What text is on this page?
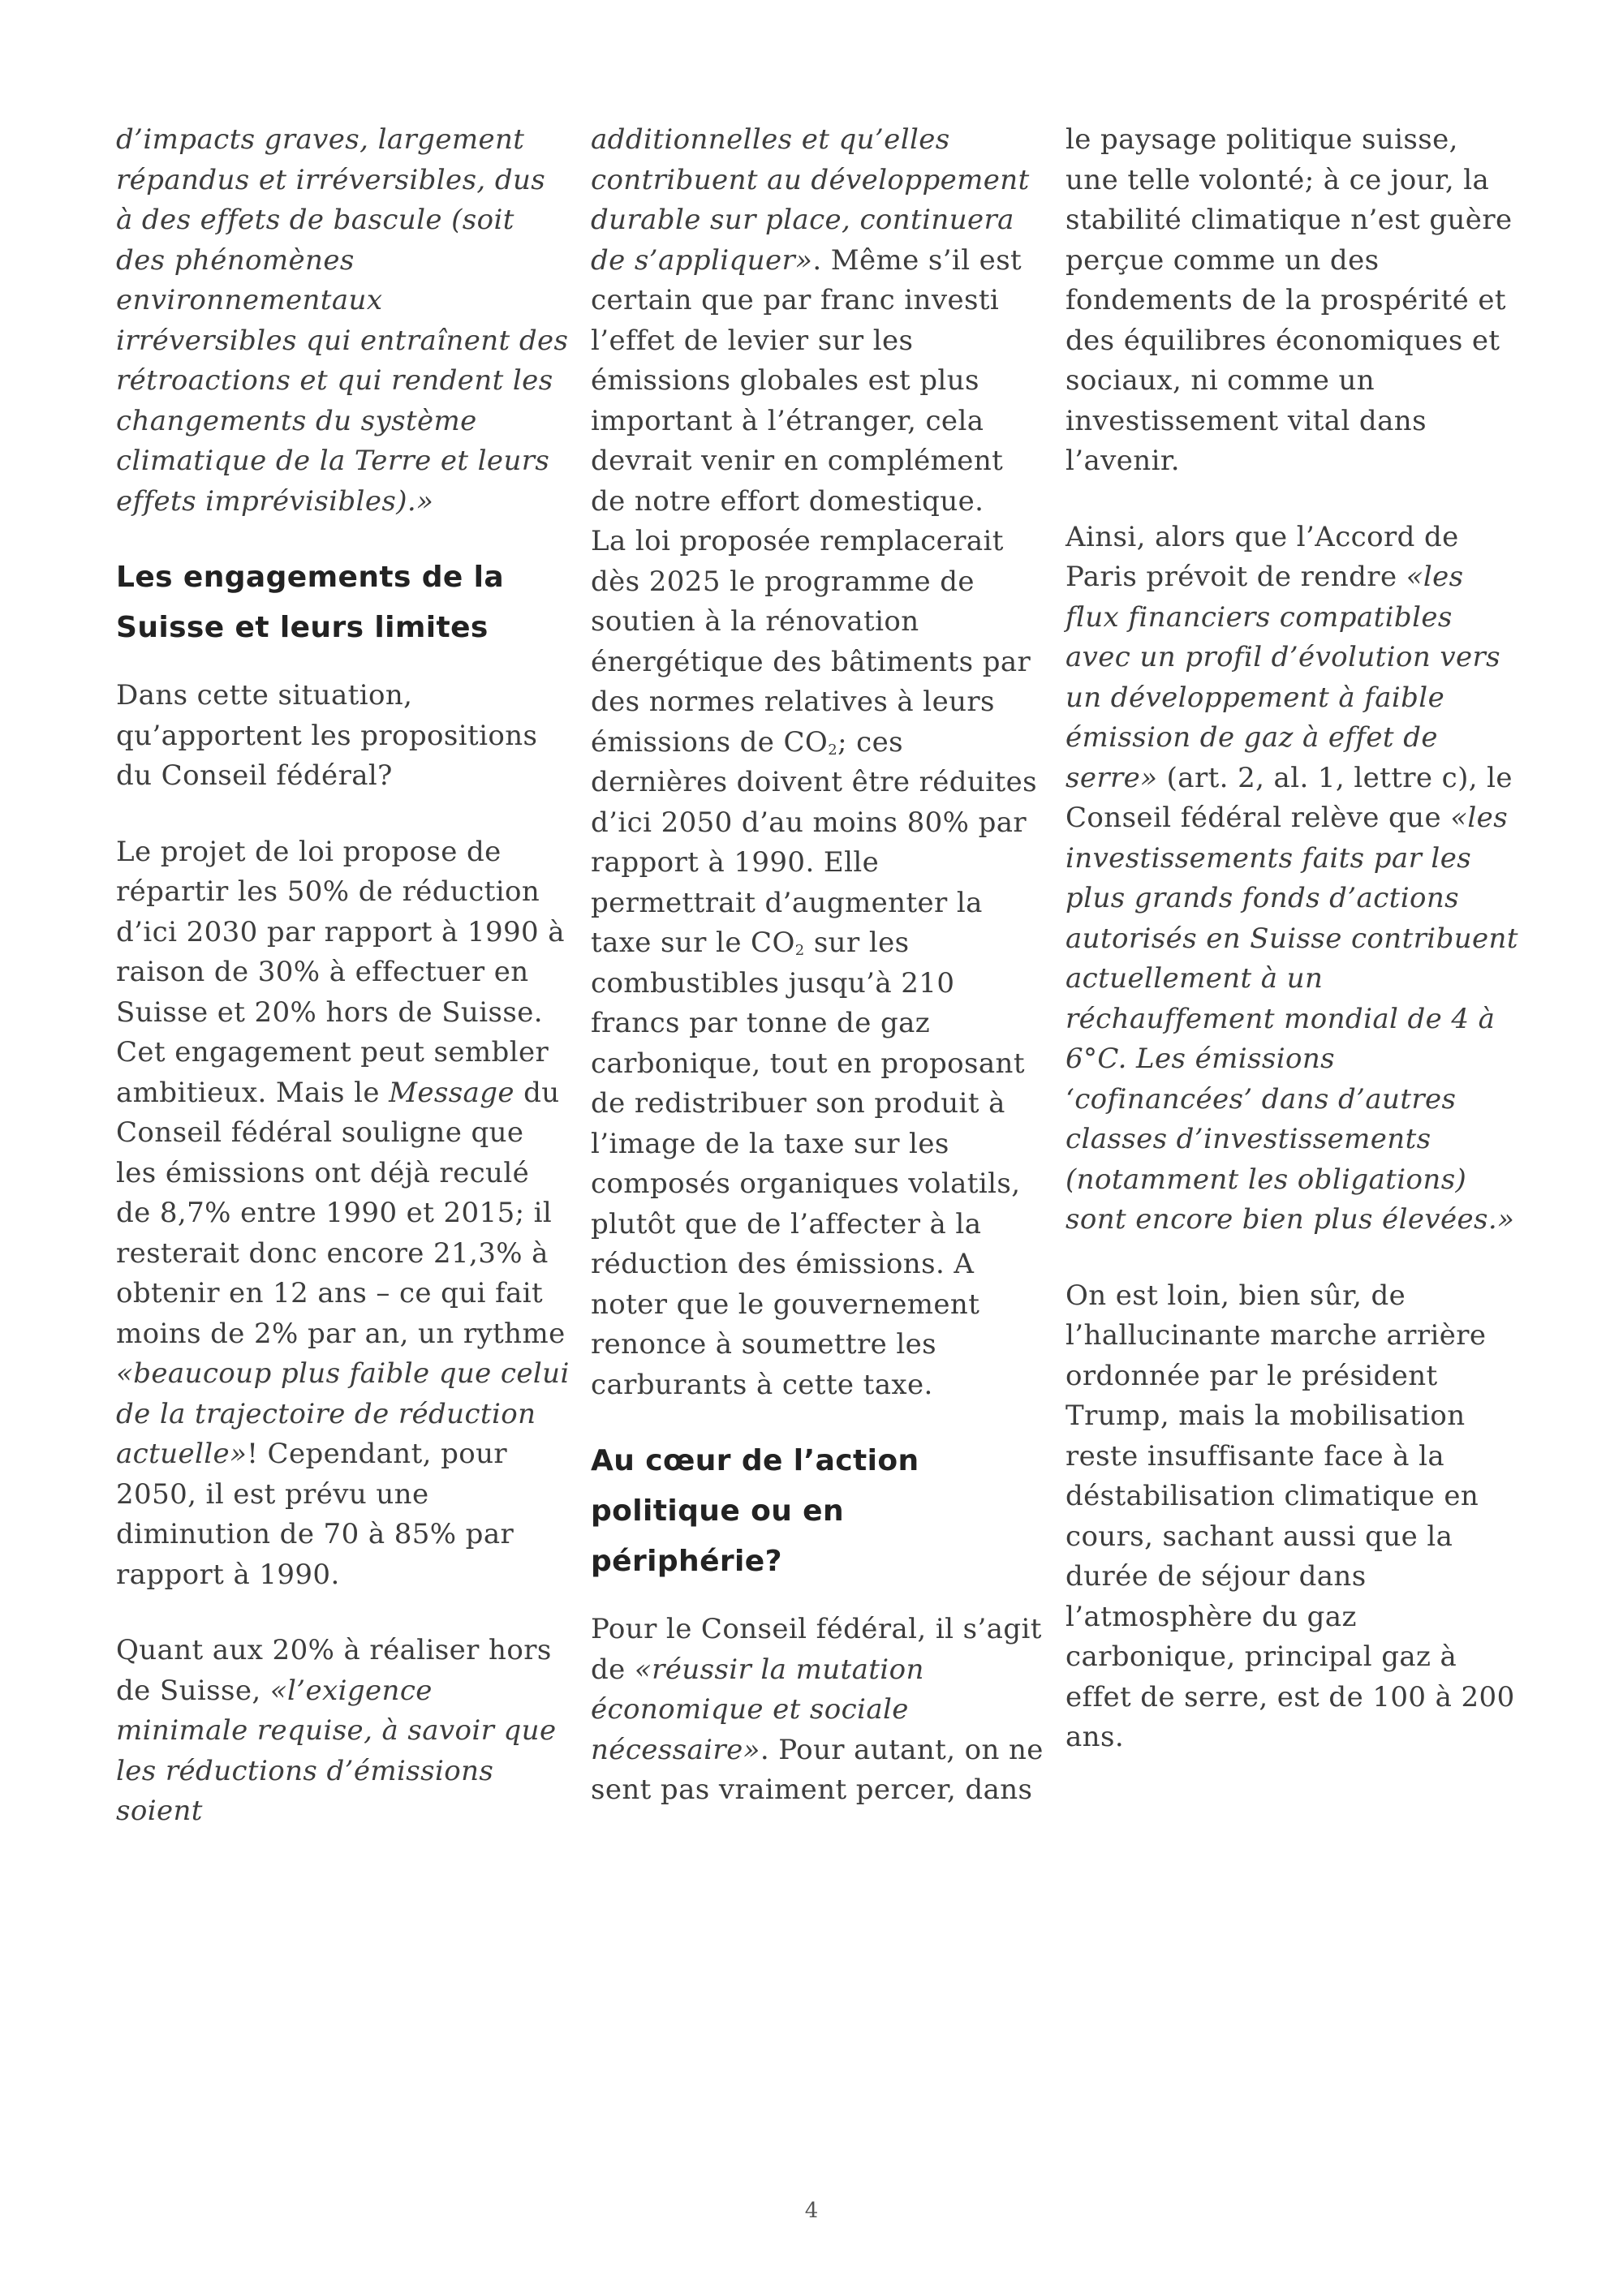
d’impacts graves, largement répandus et irréversibles, dus à des effets de bascule (soit des phénomènes environnementaux irréversibles qui entraînent des rétroactions et qui rendent les changements du système climatique de la Terre et leurs effets imprévisibles).»

Les engagements de la Suisse et leurs limites

Dans cette situation, qu’apportent les propositions du Conseil fédéral?

Le projet de loi propose de répartir les 50% de réduction d’ici 2030 par rapport à 1990 à raison de 30% à effectuer en Suisse et 20% hors de Suisse. Cet engagement peut sembler ambitieux. Mais le Message du Conseil fédéral souligne que les émissions ont déjà reculé de 8,7% entre 1990 et 2015; il resterait donc encore 21,3% à obtenir en 12 ans – ce qui fait moins de 2% par an, un rythme «beaucoup plus faible que celui de la trajectoire de réduction actuelle»! Cependant, pour 2050, il est prévu une diminution de 70 à 85% par rapport à 1990.

Quant aux 20% à réaliser hors de Suisse, «l’exigence minimale requise, à savoir que les réductions d’émissions soient

additionnelles et qu’elles contribuent au développement durable sur place, continuera de s’appliquer». Même s’il est certain que par franc investi l’effet de levier sur les émissions globales est plus important à l’étranger, cela devrait venir en complément de notre effort domestique.

La loi proposée remplacerait dès 2025 le programme de soutien à la rénovation énergétique des bâtiments par des normes relatives à leurs émissions de $CO_2$; ces dernières doivent être réduites d’ici 2050 d’au moins 80% par rapport à 1990. Elle permettrait d’augmenter la taxe sur le $CO_2$ sur les combustibles jusqu’à 210 francs par tonne de gaz carbonique, tout en proposant de redistribuer son produit à l’image de la taxe sur les composés organiques volatils, plutôt que de l’affecter à la réduction des émissions. A noter que le gouvernement renonce à soumettre les carburants à cette taxe.

Au cœur de l’action politique ou en périphérie?

Pour le Conseil fédéral, il s’agit de «réussir la mutation économique et sociale nécessaire». Pour autant, on ne sent pas vraiment percer, dans

le paysage politique suisse, une telle volonté; à ce jour, la stabilité climatique n’est guère perçue comme un des fondements de la prospérité et des équilibres économiques et sociaux, ni comme un investissement vital dans l’avenir.

Ainsi, alors que l’Accord de Paris prévoit de rendre «les flux financiers compatibles avec un profil d’évolution vers un développement à faible émission de gaz à effet de serre» (art. 2, al. 1, lettre c), le Conseil fédéral relève que «les investissements faits par les plus grands fonds d’actions autorisés en Suisse contribuent actuellement à un réchauffement mondial de 4 à 6°C. Les émissions ‘cofinancées’ dans d’autres classes d’investissements (notamment les obligations) sont encore bien plus élevées.»

On est loin, bien sûr, de l’hallucinante marche arrière ordonnée par le président Trump, mais la mobilisation reste insuffisante face à la déstabilisation climatique en cours, sachant aussi que la durée de séjour dans l’atmosphère du gaz carbonique, principal gaz à effet de serre, est de 100 à 200 ans.

4
